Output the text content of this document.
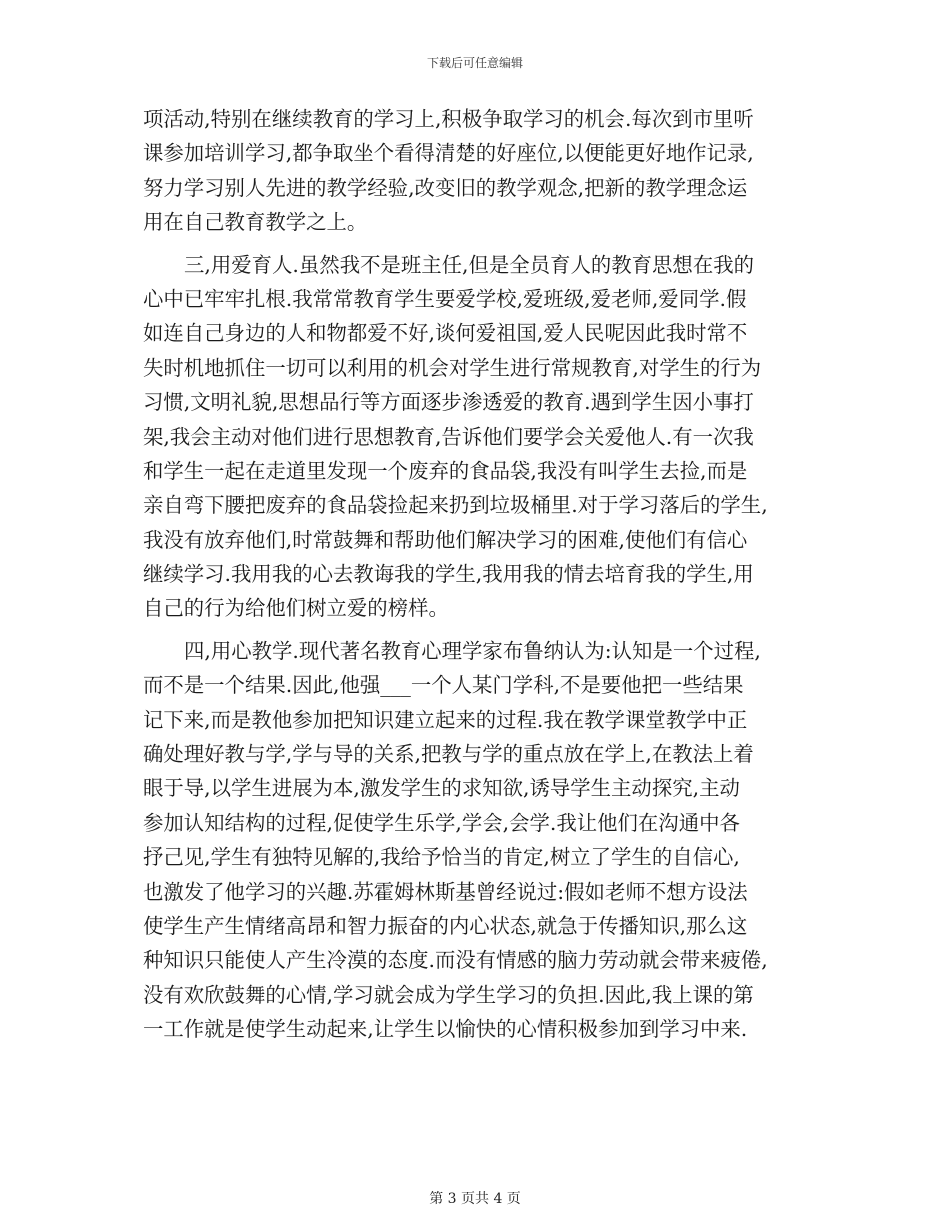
下载后可任意编辑
项活动,特别在继续教育的学习上,积极争取学习的机会.每次到市里听
课参加培训学习,都争取坐个看得清楚的好座位,以便能更好地作记录,
努力学习别人先进的教学经验,改变旧的教学观念,把新的教学理念运
用在自己教育教学之上。
三,用爱育人.虽然我不是班主任,但是全员育人的教育思想在我的
心中已牢牢扎根.我常常教育学生要爱学校,爱班级,爱老师,爱同学.假
如连自己身边的人和物都爱不好,谈何爱祖国,爱人民呢因此我时常不
失时机地抓住一切可以利用的机会对学生进行常规教育,对学生的行为
习惯,文明礼貌,思想品行等方面逐步渗透爱的教育.遇到学生因小事打
架,我会主动对他们进行思想教育,告诉他们要学会关爱他人.有一次我
和学生一起在走道里发现一个废弃的食品袋,我没有叫学生去捡,而是
亲自弯下腰把废弃的食品袋捡起来扔到垃圾桶里.对于学习落后的学生,
我没有放弃他们,时常鼓舞和帮助他们解决学习的困难,使他们有信心
继续学习.我用我的心去教诲我的学生,我用我的情去培育我的学生,用
自己的行为给他们树立爱的榜样。
四,用心教学.现代著名教育心理学家布鲁纳认为:认知是一个过程,
而不是一个结果.因此,他强___一个人某门学科,不是要他把一些结果
记下来,而是教他参加把知识建立起来的过程.我在教学课堂教学中正
确处理好教与学,学与导的关系,把教与学的重点放在学上,在教法上着
眼于导,以学生进展为本,激发学生的求知欲,诱导学生主动探究,主动
参加认知结构的过程,促使学生乐学,学会,会学.我让他们在沟通中各
抒己见,学生有独特见解的,我给予恰当的肯定,树立了学生的自信心,
也激发了他学习的兴趣.苏霍姆林斯基曾经说过:假如老师不想方设法
使学生产生情绪高昂和智力振奋的内心状态,就急于传播知识,那么这
种知识只能使人产生冷漠的态度.而没有情感的脑力劳动就会带来疲倦,
没有欢欣鼓舞的心情,学习就会成为学生学习的负担.因此,我上课的第
一工作就是使学生动起来,让学生以愉快的心情积极参加到学习中来.
第 3 页共 4 页
